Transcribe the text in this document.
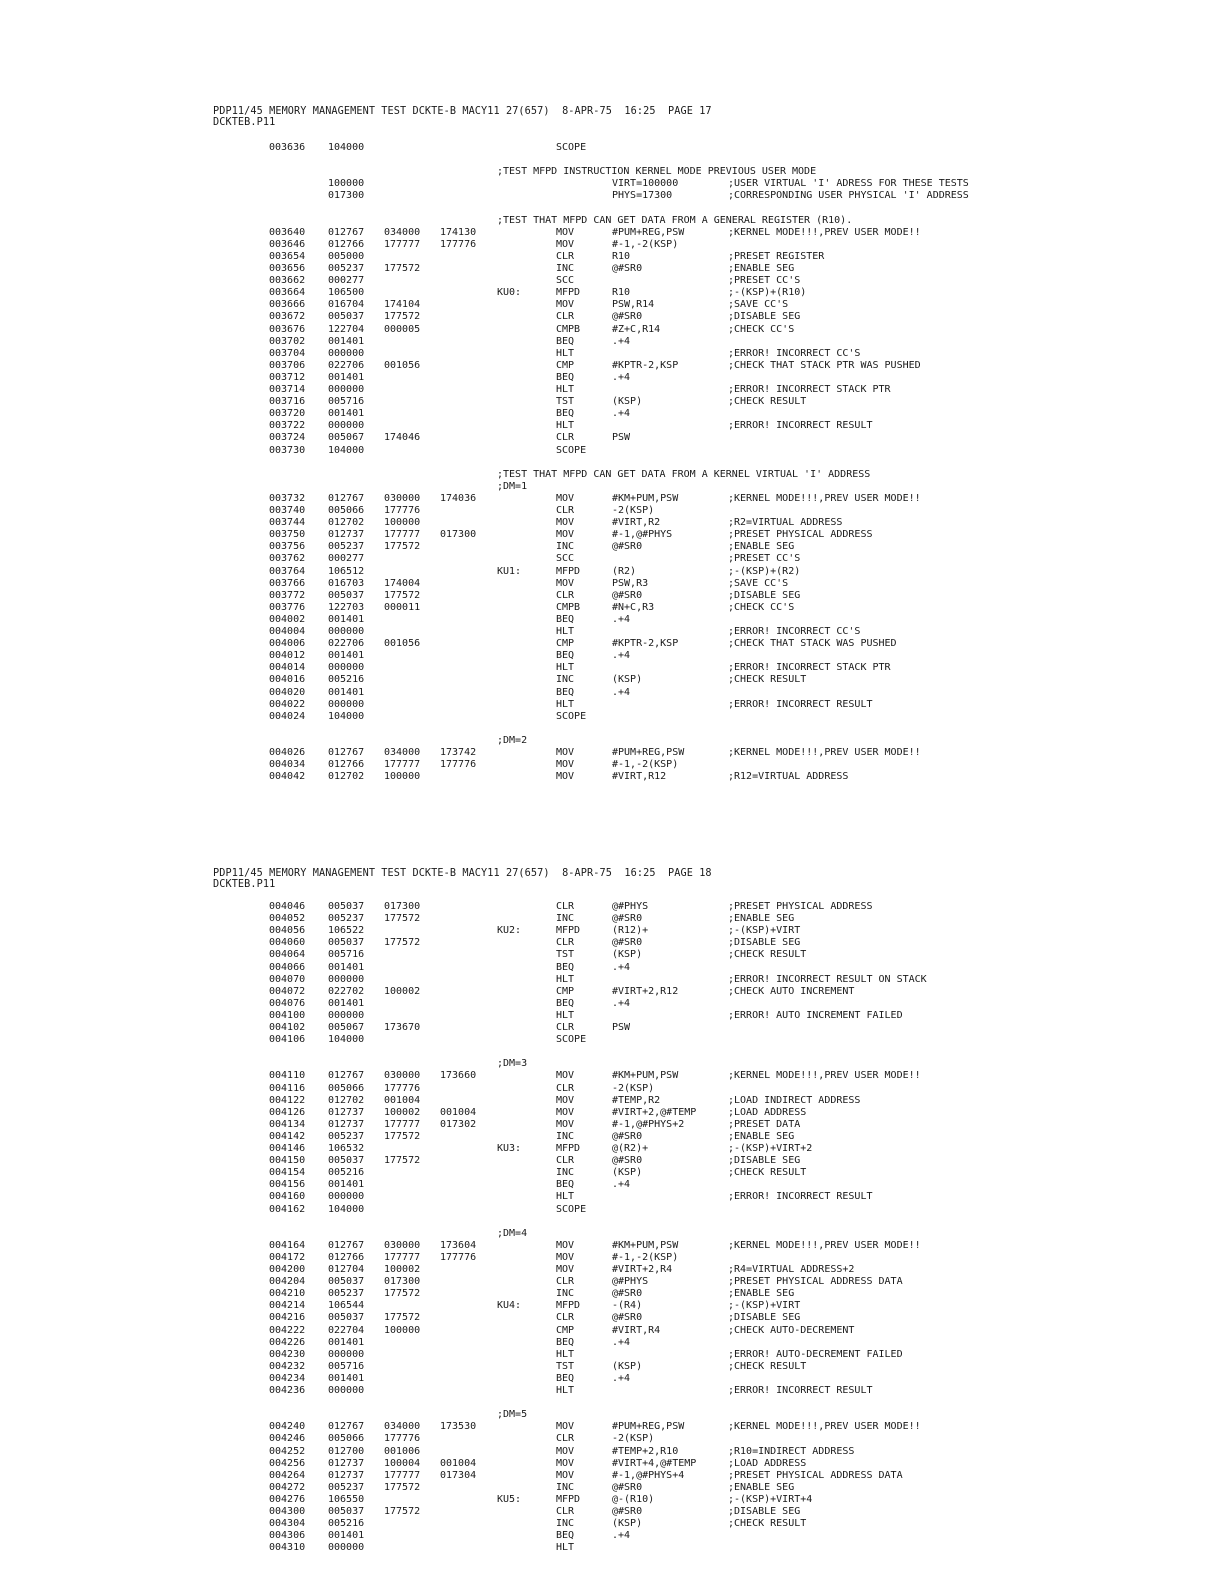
PDP11/45 MEMORY MANAGEMENT TEST DCKTE-B MACY11 27(657)  8-APR-75  16:25  PAGE 17
DCKTEB.P11
003636 104000	SCOPE
;TEST MFPD INSTRUCTION KERNEL MODE PREVIOUS USER MODE
100000	VIRT=100000	;USER VIRTUAL 'I' ADRESS FOR THESE TESTS
017300	PHYS=17300	;CORRESPONDING USER PHYSICAL 'I' ADDRESS
;TEST THAT MFPD CAN GET DATA FROM A GENERAL REGISTER (R10).
003640 012767 034000 174130	MOV	#PUM+REG,PSW	;KERNEL MODE!!!,PREV USER MODE!!
003646 012766 177777 177776	MOV	#-1,-2(KSP)
003654 005000	CLR	R10	;PRESET REGISTER
003656 005237 177572	INC	@#SR0	;ENABLE SEG
003662 000277	SCC	;PRESET CC'S
003664 106500	KU0:	MFPD	R10	;-(KSP)+(R10)
003666 016704 174104	MOV	PSW,R14	;SAVE CC'S
003672 005037 177572	CLR	@#SR0	;DISABLE SEG
003676 122704 000005	CMPB	#Z+C,R14	;CHECK CC'S
003702 001401	BEQ	.+4
003704 000000	HLT	;ERROR! INCORRECT CC'S
003706 022706 001056	CMP	#KPTR-2,KSP	;CHECK THAT STACK PTR WAS PUSHED
003712 001401	BEQ	.+4
003714 000000	HLT	;ERROR! INCORRECT STACK PTR
003716 005716	TST	(KSP)	;CHECK RESULT
003720 001401	BEQ	.+4
003722 000000	HLT	;ERROR! INCORRECT RESULT
003724 005067 174046	CLR	PSW
003730 104000	SCOPE
;TEST THAT MFPD CAN GET DATA FROM A KERNEL VIRTUAL 'I' ADDRESS
;DM=1
003732 012767 030000 174036	MOV	#KM+PUM,PSW	;KERNEL MODE!!!,PREV USER MODE!!
003740 005066 177776	CLR	-2(KSP)
003744 012702 100000	MOV	#VIRT,R2	;R2=VIRTUAL ADDRESS
003750 012737 177777 017300	MOV	#-1,@#PHYS	;PRESET PHYSICAL ADDRESS
003756 005237 177572	INC	@#SR0	;ENABLE SEG
003762 000277	SCC	;PRESET CC'S
003764 106512	KU1:	MFPD	(R2)	;-(KSP)+(R2)
003766 016703 174004	MOV	PSW,R3	;SAVE CC'S
003772 005037 177572	CLR	@#SR0	;DISABLE SEG
003776 122703 000011	CMPB	#N+C,R3	;CHECK CC'S
004002 001401	BEQ	.+4
004004 000000	HLT	;ERROR! INCORRECT CC'S
004006 022706 001056	CMP	#KPTR-2,KSP	;CHECK THAT STACK WAS PUSHED
004012 001401	BEQ	.+4
004014 000000	HLT	;ERROR! INCORRECT STACK PTR
004016 005216	INC	(KSP)	;CHECK RESULT
004020 001401	BEQ	.+4
004022 000000	HLT	;ERROR! INCORRECT RESULT
004024 104000	SCOPE
;DM=2
004026 012767 034000 173742	MOV	#PUM+REG,PSW	;KERNEL MODE!!!,PREV USER MODE!!
004034 012766 177777 177776	MOV	#-1,-2(KSP)
004042 012702 100000	MOV	#VIRT,R12	;R12=VIRTUAL ADDRESS
PDP11/45 MEMORY MANAGEMENT TEST DCKTE-B MACY11 27(657)  8-APR-75  16:25  PAGE 18
DCKTEB.P11
004046 005037 017300	CLR	@#PHYS	;PRESET PHYSICAL ADDRESS
004052 005237 177572	INC	@#SR0	;ENABLE SEG
004056 106522	KU2:	MFPD	(R12)+	;-(KSP)+VIRT
004060 005037 177572	CLR	@#SR0	;DISABLE SEG
004064 005716	TST	(KSP)	;CHECK RESULT
004066 001401	BEQ	.+4
004070 000000	HLT	;ERROR! INCORRECT RESULT ON STACK
004072 022702 100002	CMP	#VIRT+2,R12	;CHECK AUTO INCREMENT
004076 001401	BEQ	.+4
004100 000000	HLT	;ERROR! AUTO INCREMENT FAILED
004102 005067 173670	CLR	PSW
004106 104000	SCOPE
;DM=3
004110 012767 030000 173660	MOV	#KM+PUM,PSW	;KERNEL MODE!!!,PREV USER MODE!!
004116 005066 177776	CLR	-2(KSP)
004122 012702 001004	MOV	#TEMP,R2	;LOAD INDIRECT ADDRESS
004126 012737 100002 001004	MOV	#VIRT+2,@#TEMP	;LOAD ADDRESS
004134 012737 177777 017302	MOV	#-1,@#PHYS+2	;PRESET DATA
004142 005237 177572	INC	@#SR0	;ENABLE SEG
004146 106532	KU3:	MFPD	@(R2)+	;-(KSP)+VIRT+2
004150 005037 177572	CLR	@#SR0	;DISABLE SEG
004154 005216	INC	(KSP)	;CHECK RESULT
004156 001401	BEQ	.+4
004160 000000	HLT	;ERROR! INCORRECT RESULT
004162 104000	SCOPE
;DM=4
004164 012767 030000 173604	MOV	#KM+PUM,PSW	;KERNEL MODE!!!,PREV USER MODE!!
004172 012766 177777 177776	MOV	#-1,-2(KSP)
004200 012704 100002	MOV	#VIRT+2,R4	;R4=VIRTUAL ADDRESS+2
004204 005037 017300	CLR	@#PHYS	;PRESET PHYSICAL ADDRESS DATA
004210 005237 177572	INC	@#SR0	;ENABLE SEG
004214 106544	KU4:	MFPD	-(R4)	;-(KSP)+VIRT
004216 005037 177572	CLR	@#SR0	;DISABLE SEG
004222 022704 100000	CMP	#VIRT,R4	;CHECK AUTO-DECREMENT
004226 001401	BEQ	.+4
004230 000000	HLT	;ERROR! AUTO-DECREMENT FAILED
004232 005716	TST	(KSP)	;CHECK RESULT
004234 001401	BEQ	.+4
004236 000000	HLT	;ERROR! INCORRECT RESULT
;DM=5
004240 012767 034000 173530	MOV	#PUM+REG,PSW	;KERNEL MODE!!!,PREV USER MODE!!
004246 005066 177776	CLR	-2(KSP)
004252 012700 001006	MOV	#TEMP+2,R10	;R10=INDIRECT ADDRESS
004256 012737 100004 001004	MOV	#VIRT+4,@#TEMP	;LOAD ADDRESS
004264 012737 177777 017304	MOV	#-1,@#PHYS+4	;PRESET PHYSICAL ADDRESS DATA
004272 005237 177572	INC	@#SR0	;ENABLE SEG
004276 106550	KU5:	MFPD	@-(R10)	;-(KSP)+VIRT+4
004300 005037 177572	CLR	@#SR0	;DISABLE SEG
004304 005216	INC	(KSP)	;CHECK RESULT
004306 001401	BEQ	.+4
004310 000000	HLT
